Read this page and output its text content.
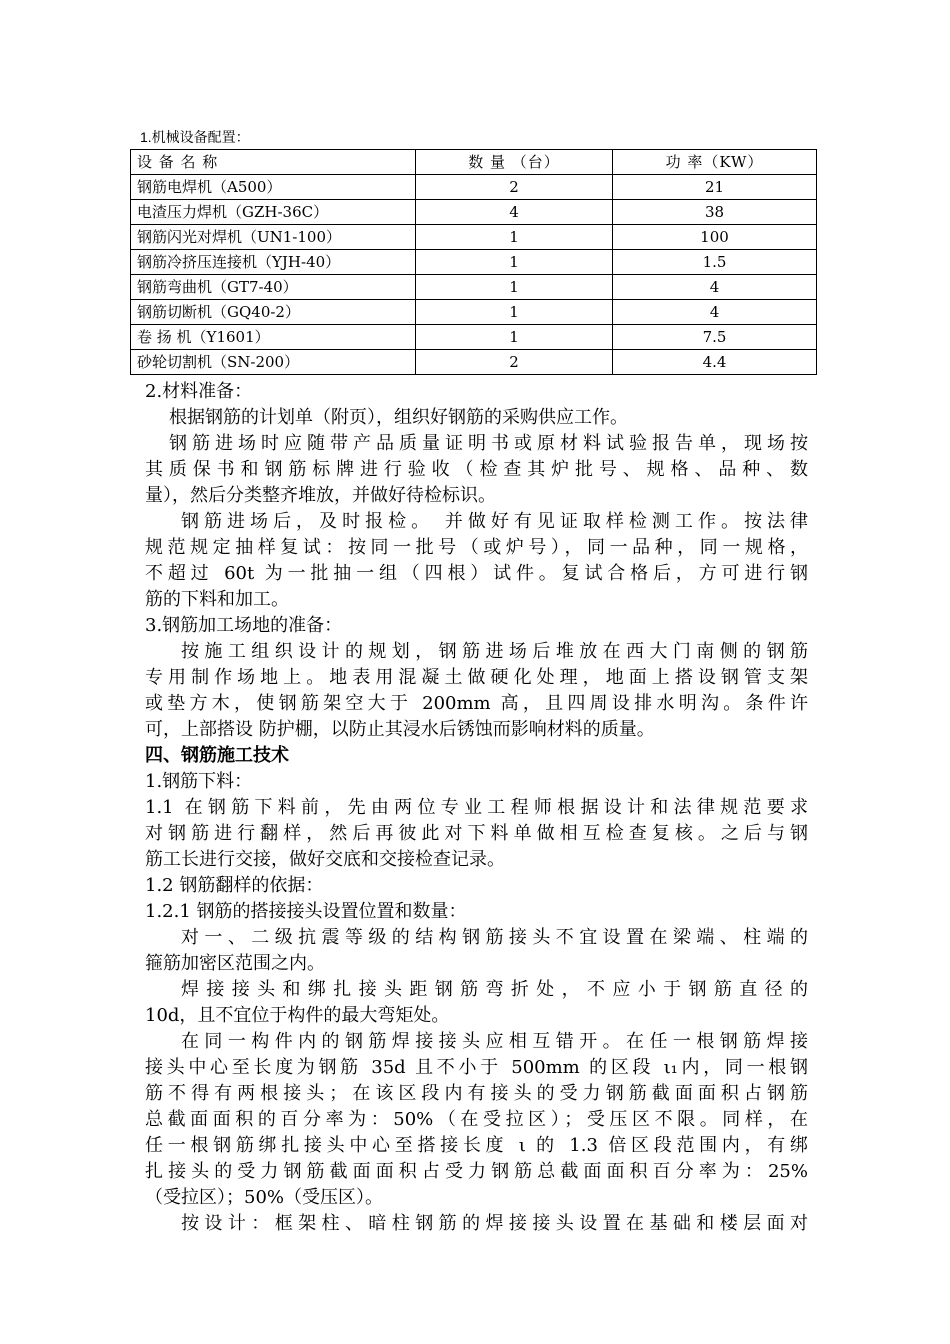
1.机械设备配置：
设 备 名 称	数 量 （台）	功 率（KW）
钢筋电焊机（A500）	2	21
电渣压力焊机（GZH-36C）	4	38
钢筋闪光对焊机（UN1-100）	1	100
钢筋冷挤压连接机（YJH-40）	1	1.5
钢筋弯曲机（GT7-40）	1	4
钢筋切断机（GQ40-2）	1	4
卷 扬 机（Y1601）	1	7.5
砂轮切割机（SN-200）	2	4.4
2.材料准备：
根据钢筋的计划单（附页），组织好钢筋的采购供应工作。
钢筋进场时应随带产品质量证明书或原材料试验报告单，现场按
其质保书和钢筋标牌进行验收（检查其炉批号、规格、品种、数
量），然后分类整齐堆放，并做好待检标识。
钢筋进场后，及时报检。 并做好有见证取样检测工作。按法律
规范规定抽样复试：按同一批号（或炉号），同一品种，同一规格，
不超过 60t 为一批抽一组（四根）试件。复试合格后，方可进行钢
筋的下料和加工。
3.钢筋加工场地的准备：
按施工组织设计的规划，钢筋进场后堆放在西大门南侧的钢筋
专用制作场地上。地表用混凝土做硬化处理，地面上搭设钢管支架
或垫方木，使钢筋架空大于 200mm 高，且四周设排水明沟。条件许
可，上部搭设 防护棚，以防止其浸水后锈蚀而影响材料的质量。
四、钢筋施工技术
1.钢筋下料：
1.1 在钢筋下料前，先由两位专业工程师根据设计和法律规范要求
对钢筋进行翻样，然后再彼此对下料单做相互检查复核。之后与钢
筋工长进行交接，做好交底和交接检查记录。
1.2 钢筋翻样的依据：
1.2.1 钢筋的搭接接头设置位置和数量：
对一、二级抗震等级的结构钢筋接头不宜设置在梁端、柱端的
箍筋加密区范围之内。
焊接接头和绑扎接头距钢筋弯折处，不应小于钢筋直径的
10d，且不宜位于构件的最大弯矩处。
在同一构件内的钢筋焊接接头应相互错开。在任一根钢筋焊接
接头中心至长度为钢筋 35d 且不小于 500mm 的区段 ι₁内，同一根钢
筋不得有两根接头；在该区段内有接头的受力钢筋截面面积占钢筋
总截面面积的百分率为：50%（在受拉区）；受压区不限。同样，在
任一根钢筋绑扎接头中心至搭接长度 ι 的 1.3 倍区段范围内，有绑
扎接头的受力钢筋截面面积占受力钢筋总截面面积百分率为：25%
（受拉区）；50%（受压区）。
按设计：框架柱、暗柱钢筋的焊接接头设置在基础和楼层面对
